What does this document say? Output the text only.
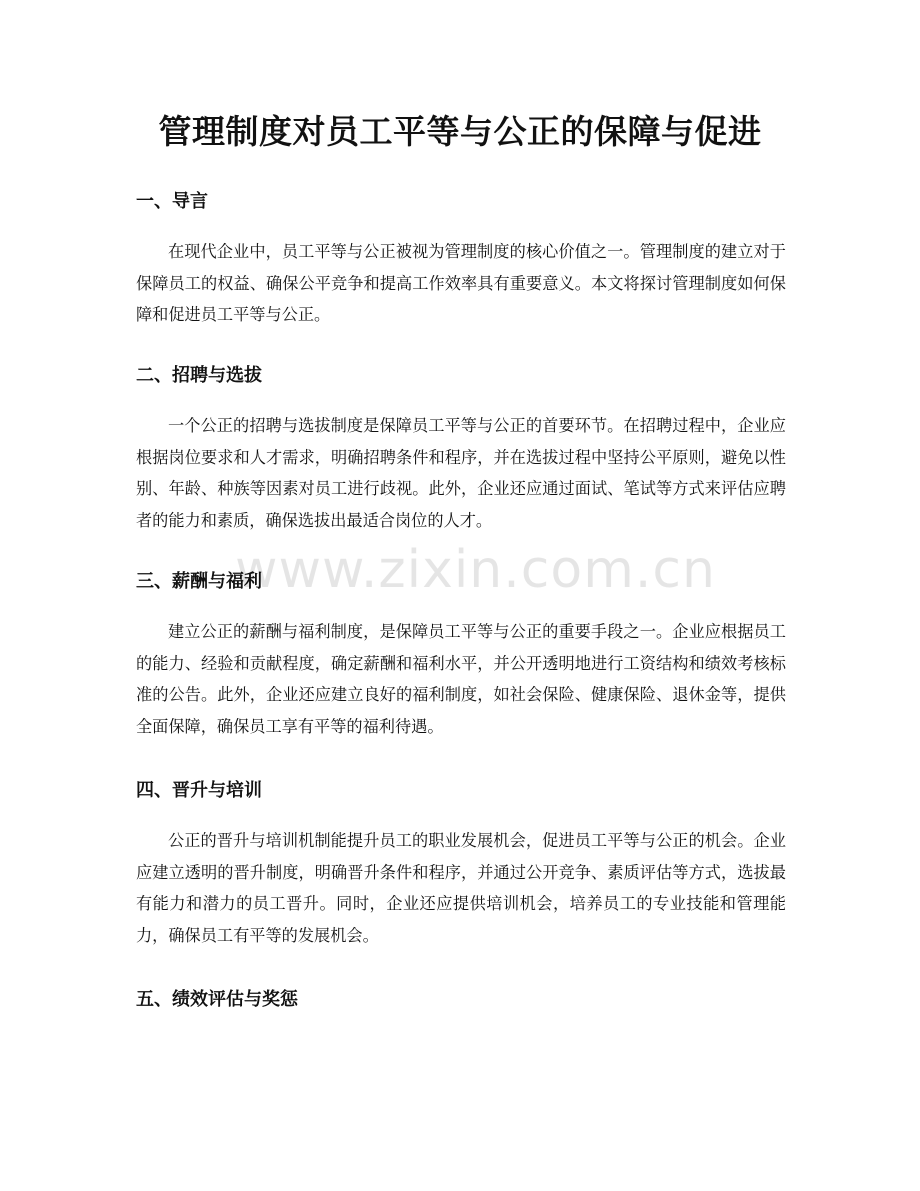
管理制度对员工平等与公正的保障与促进
一、导言

在现代企业中，员工平等与公正被视为管理制度的核心价值之一。管理制度的建立对于保障员工的权益、确保公平竞争和提高工作效率具有重要意义。本文将探讨管理制度如何保障和促进员工平等与公正。

二、招聘与选拔

一个公正的招聘与选拔制度是保障员工平等与公正的首要环节。在招聘过程中，企业应根据岗位要求和人才需求，明确招聘条件和程序，并在选拔过程中坚持公平原则，避免以性别、年龄、种族等因素对员工进行歧视。此外，企业还应通过面试、笔试等方式来评估应聘者的能力和素质，确保选拔出最适合岗位的人才。

三、薪酬与福利

建立公正的薪酬与福利制度，是保障员工平等与公正的重要手段之一。企业应根据员工的能力、经验和贡献程度，确定薪酬和福利水平，并公开透明地进行工资结构和绩效考核标准的公告。此外，企业还应建立良好的福利制度，如社会保险、健康保险、退休金等，提供全面保障，确保员工享有平等的福利待遇。

四、晋升与培训

公正的晋升与培训机制能提升员工的职业发展机会，促进员工平等与公正的机会。企业应建立透明的晋升制度，明确晋升条件和程序，并通过公开竞争、素质评估等方式，选拔最有能力和潜力的员工晋升。同时，企业还应提供培训机会，培养员工的专业技能和管理能力，确保员工有平等的发展机会。

五、绩效评估与奖惩
www.zixin.com.cn
